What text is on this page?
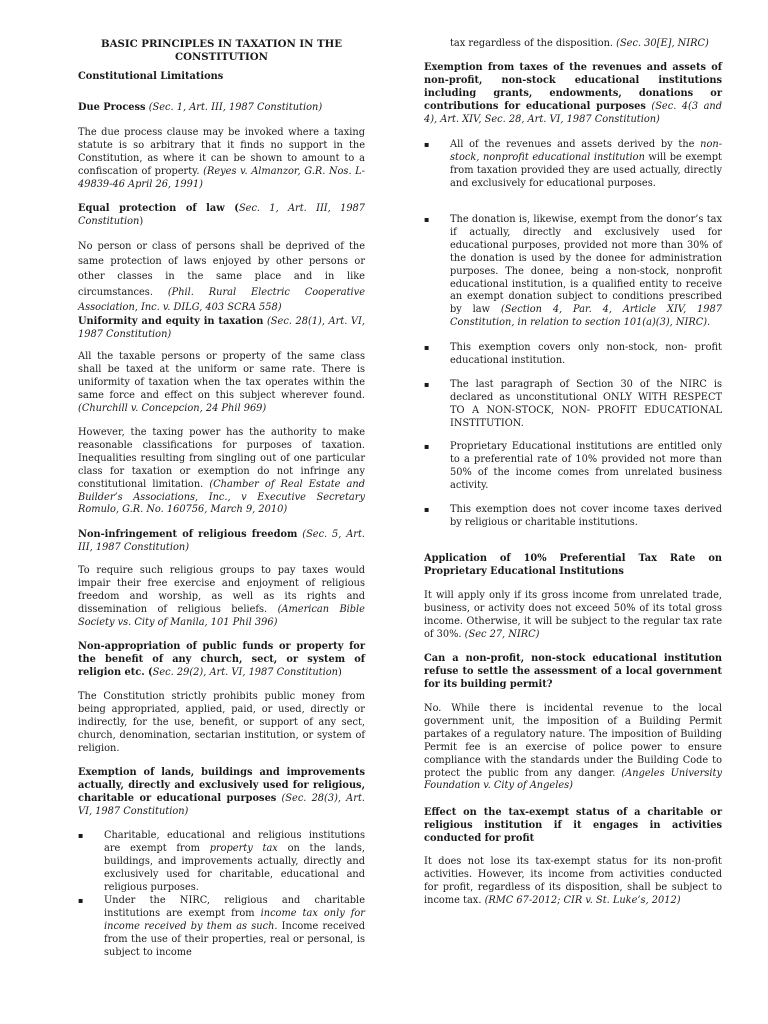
BASIC PRINCIPLES IN TAXATION IN THE
CONSTITUTION

Constitutional Limitations

Due Process (Sec. 1, Art. III, 1987 Constitution)

The due process clause may be invoked where a taxing statute is so arbitrary that it finds no support in the Constitution, as where it can be shown to amount to a confiscation of property. (Reyes v. Almanzor, G.R. Nos. L-49839-46 April 26, 1991)

Equal protection of law (Sec. 1, Art. III, 1987 Constitution)

No person or class of persons shall be deprived of the same protection of laws enjoyed by other persons or other classes in the same place and in like circumstances. (Phil. Rural Electric Cooperative Association, Inc. v. DILG, 403 SCRA 558)

Uniformity and equity in taxation (Sec. 28(1), Art. VI, 1987 Constitution)

All the taxable persons or property of the same class shall be taxed at the uniform or same rate. There is uniformity of taxation when the tax operates within the same force and effect on this subject wherever found. (Churchill v. Concepcion, 24 Phil 969)

However, the taxing power has the authority to make reasonable classifications for purposes of taxation. Inequalities resulting from singling out of one particular class for taxation or exemption do not infringe any constitutional limitation. (Chamber of Real Estate and Builder’s Associations, Inc., v Executive Secretary Romulo, G.R. No. 160756, March 9, 2010)

Non-infringement of religious freedom (Sec. 5, Art. III, 1987 Constitution)

To require such religious groups to pay taxes would impair their free exercise and enjoyment of religious freedom and worship, as well as its rights and dissemination of religious beliefs. (American Bible Society vs. City of Manila, 101 Phil 396)

Non-appropriation of public funds or property for the benefit of any church, sect, or system of religion etc. (Sec. 29(2), Art. VI, 1987 Constitution)

The Constitution strictly prohibits public money from being appropriated, applied, paid, or used, directly or indirectly, for the use, benefit, or support of any sect, church, denomination, sectarian institution, or system of religion.

Exemption of lands, buildings and improvements actually, directly and exclusively used for religious, charitable or educational purposes (Sec. 28(3), Art. VI, 1987 Constitution)

▪	Charitable, educational and religious institutions are exempt from property tax on the lands, buildings, and improvements actually, directly and exclusively used for charitable, educational and religious purposes.

▪	Under the NIRC, religious and charitable institutions are exempt from income tax only for income received by them as such. Income received from the use of their properties, real or personal, is subject to income

tax regardless of the disposition. (Sec. 30[E], NIRC)

Exemption from taxes of the revenues and assets of non-profit, non-stock educational institutions including grants, endowments, donations or contributions for educational purposes (Sec. 4(3 and 4), Art. XIV, Sec. 28, Art. VI, 1987 Constitution)

▪	All of the revenues and assets derived by the non-stock, nonprofit educational institution will be exempt from taxation provided they are used actually, directly and exclusively for educational purposes.

▪	The donation is, likewise, exempt from the donor’s tax if actually, directly and exclusively used for educational purposes, provided not more than 30% of the donation is used by the donee for administration purposes. The donee, being a non-stock, nonprofit educational institution, is a qualified entity to receive an exempt donation subject to conditions prescribed by law (Section 4, Par. 4, Article XIV, 1987 Constitution, in relation to section 101(a)(3), NIRC).

▪	This exemption covers only non-stock, non- profit educational institution.

▪	The last paragraph of Section 30 of the NIRC is declared as unconstitutional ONLY WITH RESPECT TO A NON-STOCK, NON- PROFIT EDUCATIONAL INSTITUTION.

▪	Proprietary Educational institutions are entitled only to a preferential rate of 10% provided not more than 50% of the income comes from unrelated business activity.

▪	This exemption does not cover income taxes derived by religious or charitable institutions.

Application of 10% Preferential Tax Rate on Proprietary Educational Institutions

It will apply only if its gross income from unrelated trade, business, or activity does not exceed 50% of its total gross income. Otherwise, it will be subject to the regular tax rate of 30%. (Sec 27, NIRC)

Can a non-profit, non-stock educational institution refuse to settle the assessment of a local government for its building permit?

No. While there is incidental revenue to the local government unit, the imposition of a Building Permit partakes of a regulatory nature. The imposition of Building Permit fee is an exercise of police power to ensure compliance with the standards under the Building Code to protect the public from any danger. (Angeles University Foundation v. City of Angeles)

Effect on the tax-exempt status of a charitable or religious institution if it engages in activities conducted for profit

It does not lose its tax-exempt status for its non-profit activities. However, its income from activities conducted for profit, regardless of its disposition, shall be subject to income tax. (RMC 67-2012; CIR v. St. Luke’s, 2012)
